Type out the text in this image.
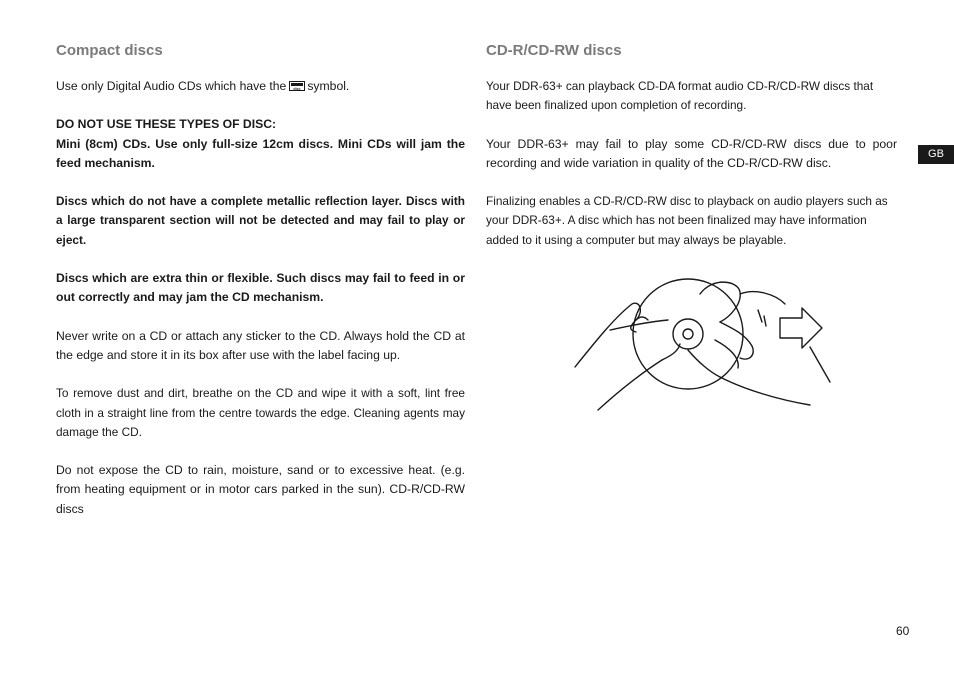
Compact discs

Use only Digital Audio CDs which have the disc symbol.

DO NOT USE THESE TYPES OF DISC:
Mini (8cm) CDs. Use only full-size 12cm discs. Mini CDs will jam the feed mechanism.

Discs which do not have a complete metallic reflection layer. Discs with a large transparent section will not be detected and may fail to play or eject.

Discs which are extra thin or flexible. Such discs may fail to feed in or out correctly and may jam the CD mechanism.

Never write on a CD or attach any sticker to the CD. Always hold the CD at the edge and store it in its box after use with the label facing up.

To remove dust and dirt, breathe on the CD and wipe it with a soft, lint free cloth in a straight line from the centre towards the edge. Cleaning agents may damage the CD.

Do not expose the CD to rain, moisture, sand or to excessive heat. (e.g. from heating equipment or in motor cars parked in the sun). CD-R/CD-RW discs

CD-R/CD-RW discs

Your DDR-63+ can playback CD-DA format audio CD-R/CD-RW discs that have been finalized upon completion of recording.

Your DDR-63+ may fail to play some CD-R/CD-RW discs due to poor recording and wide variation in quality of the CD-R/CD-RW disc.

Finalizing enables a CD-R/CD-RW disc to playback on audio players such as your DDR-63+. A disc which has not been finalized may have information added to it using a computer but may always be playable.

GB
60
